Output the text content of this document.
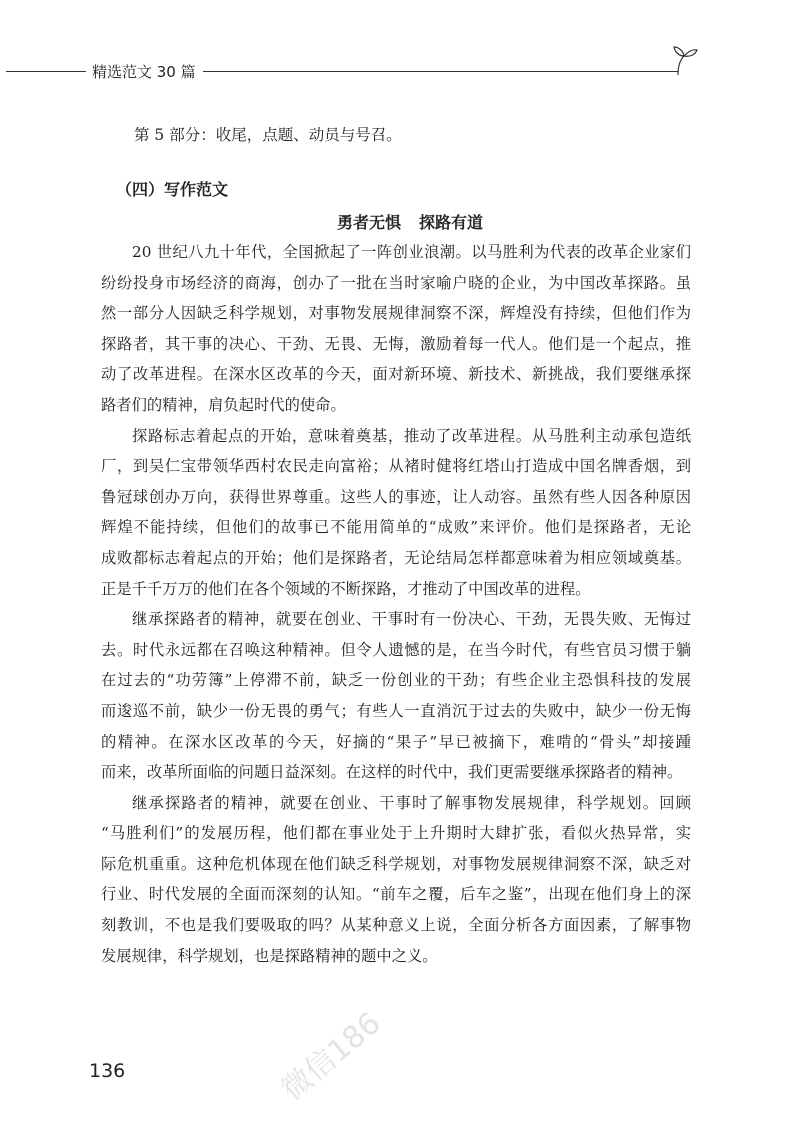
精选范文 30 篇
第 5 部分：收尾，点题、动员与号召。
（四）写作范文
勇者无惧 探路有道
20 世纪八九十年代，全国掀起了一阵创业浪潮。以马胜利为代表的改革企业家们
纷纷投身市场经济的商海，创办了一批在当时家喻户晓的企业，为中国改革探路。虽
然一部分人因缺乏科学规划，对事物发展规律洞察不深，辉煌没有持续，但他们作为
探路者，其干事的决心、干劲、无畏、无悔，激励着每一代人。他们是一个起点，推
动了改革进程。在深水区改革的今天，面对新环境、新技术、新挑战，我们要继承探
路者们的精神，肩负起时代的使命。
探路标志着起点的开始，意味着奠基，推动了改革进程。从马胜利主动承包造纸
厂，到吴仁宝带领华西村农民走向富裕；从褚时健将红塔山打造成中国名牌香烟，到
鲁冠球创办万向，获得世界尊重。这些人的事迹，让人动容。虽然有些人因各种原因
辉煌不能持续，但他们的故事已不能用简单的“成败”来评价。他们是探路者，无论
成败都标志着起点的开始；他们是探路者，无论结局怎样都意味着为相应领域奠基。
正是千千万万的他们在各个领域的不断探路，才推动了中国改革的进程。
继承探路者的精神，就要在创业、干事时有一份决心、干劲，无畏失败、无悔过
去。时代永远都在召唤这种精神。但令人遗憾的是，在当今时代，有些官员习惯于躺
在过去的“功劳簿”上停滞不前，缺乏一份创业的干劲；有些企业主恐惧科技的发展
而逡巡不前，缺少一份无畏的勇气；有些人一直消沉于过去的失败中，缺少一份无悔
的精神。在深水区改革的今天，好摘的“果子”早已被摘下，难啃的“骨头”却接踵
而来，改革所面临的问题日益深刻。在这样的时代中，我们更需要继承探路者的精神。
继承探路者的精神，就要在创业、干事时了解事物发展规律，科学规划。回顾
“马胜利们”的发展历程，他们都在事业处于上升期时大肆扩张，看似火热异常，实
际危机重重。这种危机体现在他们缺乏科学规划，对事物发展规律洞察不深，缺乏对
行业、时代发展的全面而深刻的认知。“前车之覆，后车之鉴”，出现在他们身上的深
刻教训，不也是我们要吸取的吗？从某种意义上说，全面分析各方面因素，了解事物
发展规律，科学规划，也是探路精神的题中之义。
136	微信186
